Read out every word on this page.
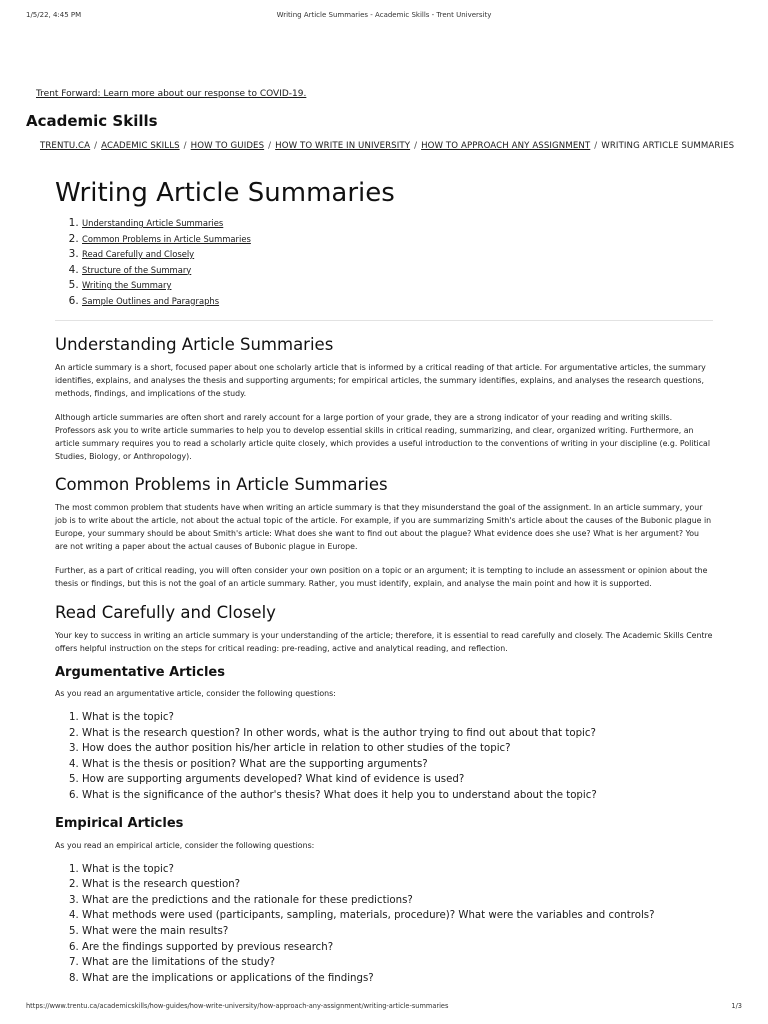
1/5/22, 4:45 PM	Writing Article Summaries - Academic Skills - Trent University
Trent Forward: Learn more about our response to COVID-19.
Academic Skills
TRENTU.CA / ACADEMIC SKILLS / HOW TO GUIDES / HOW TO WRITE IN UNIVERSITY / HOW TO APPROACH ANY ASSIGNMENT / WRITING ARTICLE SUMMARIES
Writing Article Summaries
1. Understanding Article Summaries
2. Common Problems in Article Summaries
3. Read Carefully and Closely
4. Structure of the Summary
5. Writing the Summary
6. Sample Outlines and Paragraphs
Understanding Article Summaries

An article summary is a short, focused paper about one scholarly article that is informed by a critical reading of that article. For argumentative articles, the summary identifies, explains, and analyses the thesis and supporting arguments; for empirical articles, the summary identifies, explains, and analyses the research questions, methods, findings, and implications of the study.

Although article summaries are often short and rarely account for a large portion of your grade, they are a strong indicator of your reading and writing skills. Professors ask you to write article summaries to help you to develop essential skills in critical reading, summarizing, and clear, organized writing. Furthermore, an article summary requires you to read a scholarly article quite closely, which provides a useful introduction to the conventions of writing in your discipline (e.g. Political Studies, Biology, or Anthropology).

Common Problems in Article Summaries

The most common problem that students have when writing an article summary is that they misunderstand the goal of the assignment. In an article summary, your job is to write about the article, not about the actual topic of the article. For example, if you are summarizing Smith's article about the causes of the Bubonic plague in Europe, your summary should be about Smith's article: What does she want to find out about the plague? What evidence does she use? What is her argument? You are not writing a paper about the actual causes of Bubonic plague in Europe.

Further, as a part of critical reading, you will often consider your own position on a topic or an argument; it is tempting to include an assessment or opinion about the thesis or findings, but this is not the goal of an article summary. Rather, you must identify, explain, and analyse the main point and how it is supported.

Read Carefully and Closely

Your key to success in writing an article summary is your understanding of the article; therefore, it is essential to read carefully and closely. The Academic Skills Centre offers helpful instruction on the steps for critical reading: pre-reading, active and analytical reading, and reflection.

Argumentative Articles

As you read an argumentative article, consider the following questions:

1. What is the topic?
2. What is the research question? In other words, what is the author trying to find out about that topic?
3. How does the author position his/her article in relation to other studies of the topic?
4. What is the thesis or position? What are the supporting arguments?
5. How are supporting arguments developed? What kind of evidence is used?
6. What is the significance of the author's thesis? What does it help you to understand about the topic?
Empirical Articles

As you read an empirical article, consider the following questions:

1. What is the topic?
2. What is the research question?
3. What are the predictions and the rationale for these predictions?
4. What methods were used (participants, sampling, materials, procedure)? What were the variables and controls?
5. What were the main results?
6. Are the findings supported by previous research?
7. What are the limitations of the study?
8. What are the implications or applications of the findings?
https://www.trentu.ca/academicskills/how-guides/how-write-university/how-approach-any-assignment/writing-article-summaries	1/3
